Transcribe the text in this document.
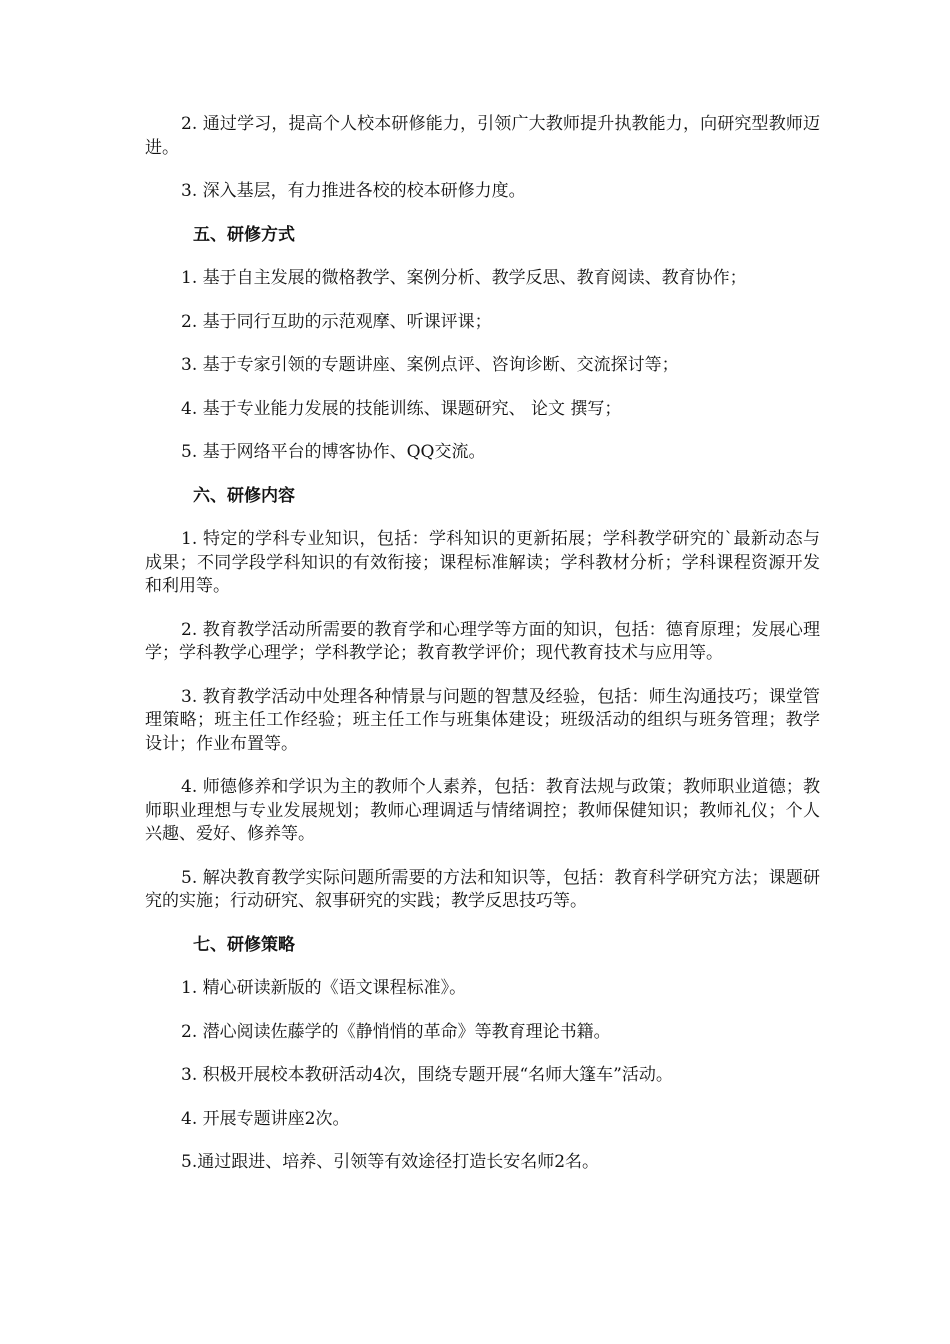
2. 通过学习，提高个人校本研修能力，引领广大教师提升执教能力，向研究型教师迈进。

3. 深入基层，有力推进各校的校本研修力度。

五、研修方式

1. 基于自主发展的微格教学、案例分析、教学反思、教育阅读、教育协作；

2. 基于同行互助的示范观摩、听课评课；

3. 基于专家引领的专题讲座、案例点评、咨询诊断、交流探讨等；

4. 基于专业能力发展的技能训练、课题研究、 论文 撰写；

5. 基于网络平台的博客协作、QQ交流。

六、研修内容

1. 特定的学科专业知识，包括：学科知识的更新拓展；学科教学研究的`最新动态与成果；不同学段学科知识的有效衔接；课程标准解读；学科教材分析；学科课程资源开发和利用等。

2. 教育教学活动所需要的教育学和心理学等方面的知识，包括：德育原理；发展心理学；学科教学心理学；学科教学论；教育教学评价；现代教育技术与应用等。

3. 教育教学活动中处理各种情景与问题的智慧及经验，包括：师生沟通技巧；课堂管理策略；班主任工作经验；班主任工作与班集体建设；班级活动的组织与班务管理；教学设计；作业布置等。

4. 师德修养和学识为主的教师个人素养，包括：教育法规与政策；教师职业道德；教师职业理想与专业发展规划；教师心理调适与情绪调控；教师保健知识；教师礼仪；个人兴趣、爱好、修养等。

5. 解决教育教学实际问题所需要的方法和知识等，包括：教育科学研究方法；课题研究的实施；行动研究、叙事研究的实践；教学反思技巧等。

七、研修策略

1. 精心研读新版的《语文课程标准》。

2. 潜心阅读佐藤学的《静悄悄的革命》等教育理论书籍。

3. 积极开展校本教研活动4次，围绕专题开展“名师大篷车”活动。

4. 开展专题讲座2次。

5.通过跟进、培养、引领等有效途径打造长安名师2名。
